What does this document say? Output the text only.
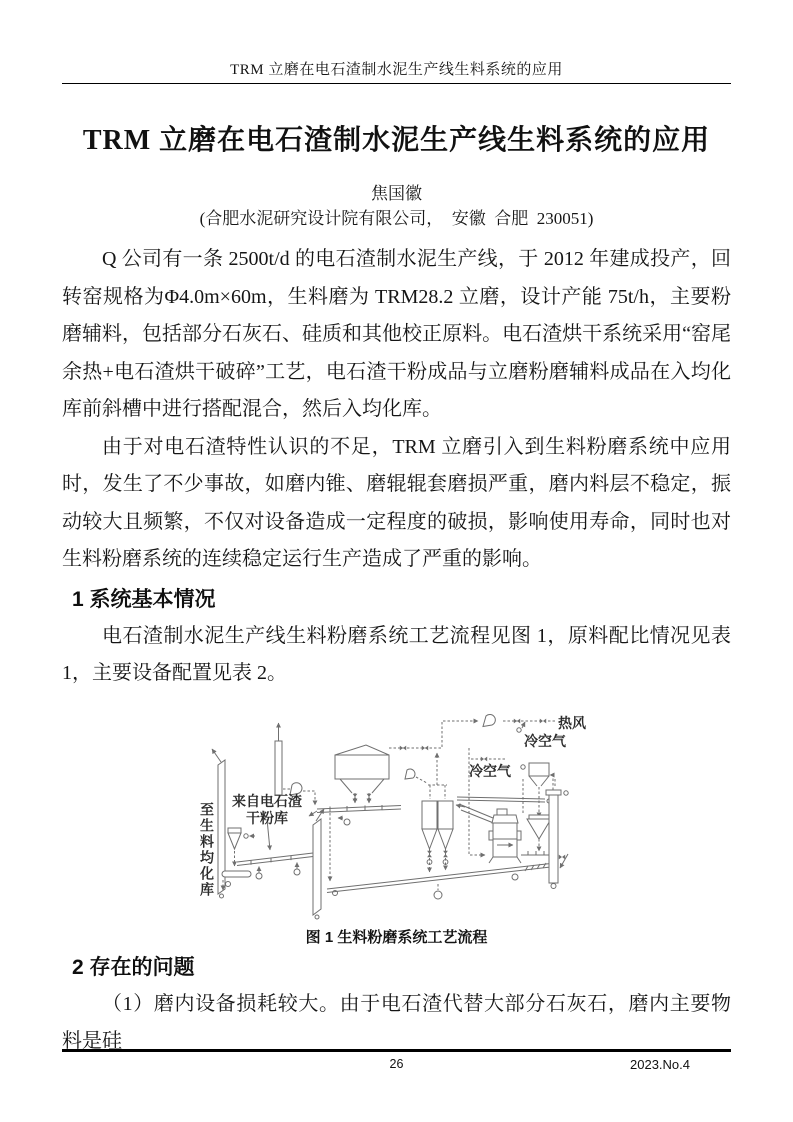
TRM 立磨在电石渣制水泥生产线生料系统的应用
TRM 立磨在电石渣制水泥生产线生料系统的应用
焦国徽
(合肥水泥研究设计院有限公司，  安徽  合肥  230051)

Q 公司有一条 2500t/d 的电石渣制水泥生产线，于 2012 年建成投产，回转窑规格为Φ4.0m×60m，生料磨为 TRM28.2 立磨，设计产能 75t/h，主要粉磨辅料，包括部分石灰石、硅质和其他校正原料。电石渣烘干系统采用“窑尾余热+电石渣烘干破碎”工艺，电石渣干粉成品与立磨粉磨辅料成品在入均化库前斜槽中进行搭配混合，然后入均化库。

由于对电石渣特性认识的不足，TRM 立磨引入到生料粉磨系统中应用时，发生了不少事故，如磨内锥、磨辊辊套磨损严重，磨内料层不稳定，振动较大且频繁，不仅对设备造成一定程度的破损，影响使用寿命，同时也对生料粉磨系统的连续稳定运行生产造成了严重的影响。

1 系统基本情况

电石渣制水泥生产线生料粉磨系统工艺流程见图 1，原料配比情况见表 1，主要设备配置见表 2。

至生料均化库
来自电石渣
干粉库
热风
冷空气
冷空气
图 1 生料粉磨系统工艺流程
2 存在的问题

（1）磨内设备损耗较大。由于电石渣代替大部分石灰石，磨内主要物料是硅

26	2023.No.4
